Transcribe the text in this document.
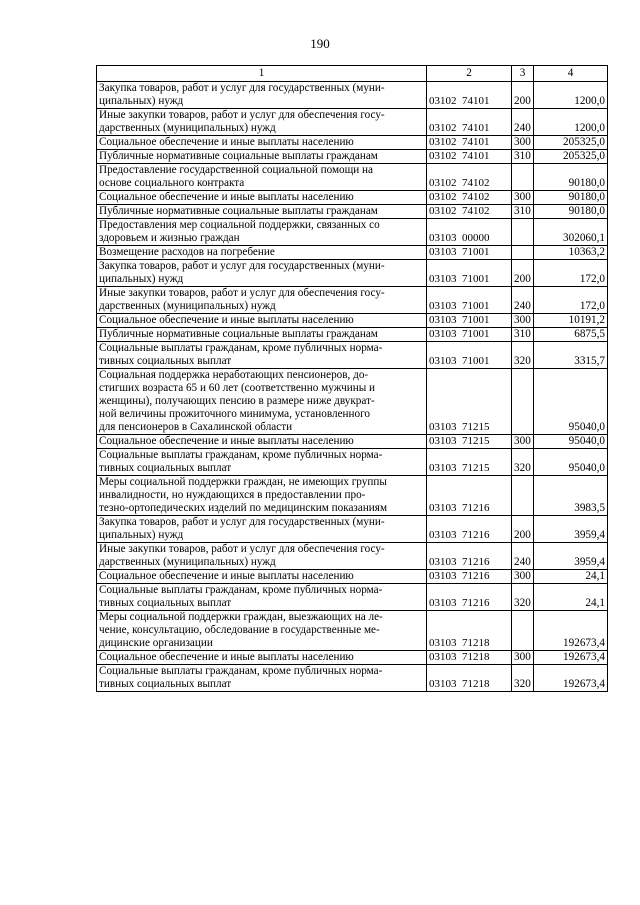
190
1	2	3	4
Закупка товаров, работ и услуг для государственных (муни-
ципальных) нужд	03102  74101	200	1200,0
Иные закупки товаров, работ и услуг для обеспечения госу-
дарственных (муниципальных) нужд	03102  74101	240	1200,0
Социальное обеспечение и иные выплаты населению	03102  74101	300	205325,0
Публичные нормативные социальные выплаты гражданам	03102  74101	310	205325,0
Предоставление государственной социальной помощи на
основе социального контракта	03102  74102		90180,0
Социальное обеспечение и иные выплаты населению	03102  74102	300	90180,0
Публичные нормативные социальные выплаты гражданам	03102  74102	310	90180,0
Предоставления мер социальной поддержки, связанных со
здоровьем и жизнью граждан	03103  00000		302060,1
Возмещение расходов на погребение	03103  71001		10363,2
Закупка товаров, работ и услуг для государственных (муни-
ципальных) нужд	03103  71001	200	172,0
Иные закупки товаров, работ и услуг для обеспечения госу-
дарственных (муниципальных) нужд	03103  71001	240	172,0
Социальное обеспечение и иные выплаты населению	03103  71001	300	10191,2
Публичные нормативные социальные выплаты гражданам	03103  71001	310	6875,5
Социальные выплаты гражданам, кроме публичных норма-
тивных социальных выплат	03103  71001	320	3315,7
Социальная поддержка неработающих пенсионеров, до-
стигших возраста 65 и 60 лет (соответственно мужчины и
женщины), получающих пенсию в размере ниже двукрат-
ной величины прожиточного минимума, установленного
для пенсионеров в Сахалинской области	03103  71215		95040,0
Социальное обеспечение и иные выплаты населению	03103  71215	300	95040,0
Социальные выплаты гражданам, кроме публичных норма-
тивных социальных выплат	03103  71215	320	95040,0
Меры социальной поддержки граждан, не имеющих группы
инвалидности, но нуждающихся в предоставлении про-
тезно-ортопедических изделий по медицинским показаниям	03103  71216		3983,5
Закупка товаров, работ и услуг для государственных (муни-
ципальных) нужд	03103  71216	200	3959,4
Иные закупки товаров, работ и услуг для обеспечения госу-
дарственных (муниципальных) нужд	03103  71216	240	3959,4
Социальное обеспечение и иные выплаты населению	03103  71216	300	24,1
Социальные выплаты гражданам, кроме публичных норма-
тивных социальных выплат	03103  71216	320	24,1
Меры социальной поддержки граждан, выезжающих на ле-
чение, консультацию, обследование в государственные ме-
дицинские организации	03103  71218		192673,4
Социальное обеспечение и иные выплаты населению	03103  71218	300	192673,4
Социальные выплаты гражданам, кроме публичных норма-
тивных социальных выплат	03103  71218	320	192673,4
